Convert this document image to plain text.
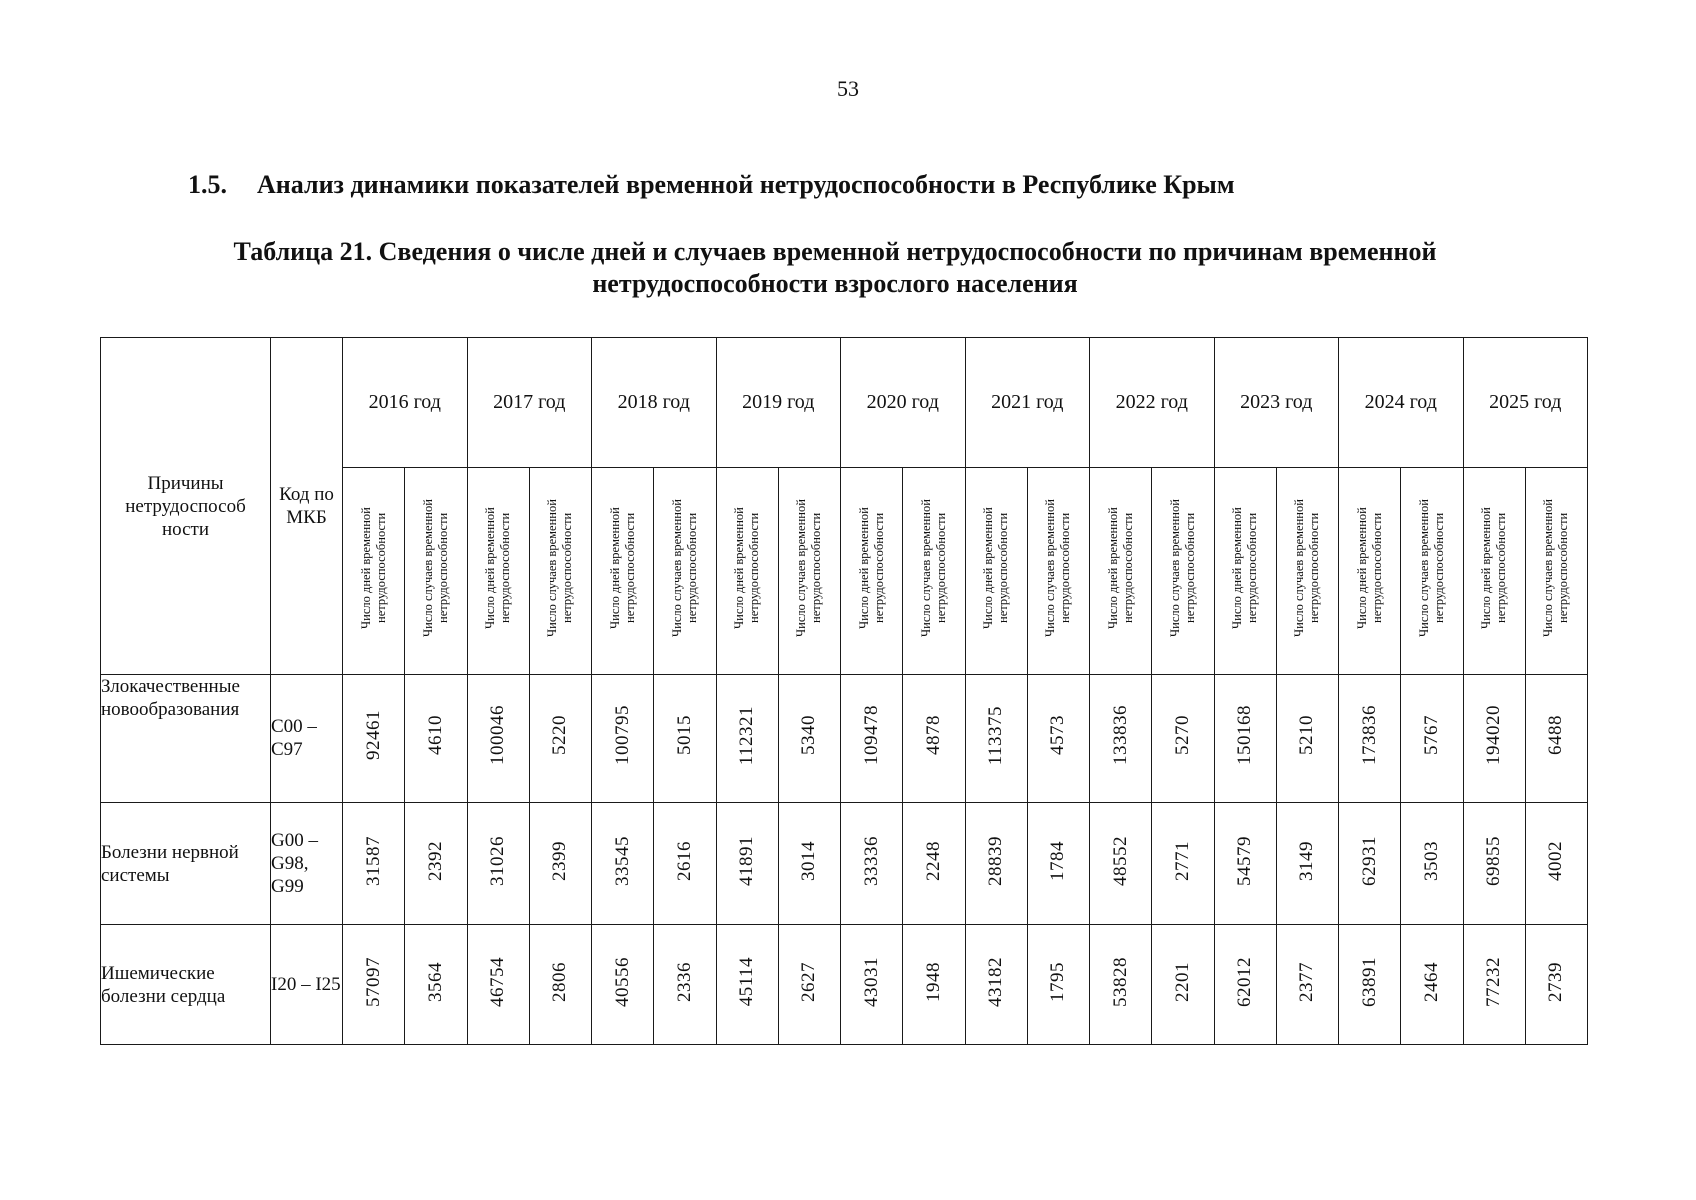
53
1.5. Анализ динамики показателей временной нетрудоспособности в Республике Крым
Таблица 21. Сведения о числе дней и случаев временной нетрудоспособности по причинам временной
нетрудоспособности взрослого населения
Причины нетрудоспособ ности	Код по МКБ	2016 год		2017 год		2018 год		2019 год		2020 год		2021 год		2022 год		2023 год		2024 год		2025 год	
		Число дней временной нетрудоспособности	Число случаев временной нетрудоспособности	Число дней временной нетрудоспособности	Число случаев временной нетрудоспособности	Число дней временной нетрудоспособности	Число случаев временной нетрудоспособности	Число дней временной нетрудоспособности	Число случаев временной нетрудоспособности	Число дней временной нетрудоспособности	Число случаев временной нетрудоспособности	Число дней временной нетрудоспособности	Число случаев временной нетрудоспособности	Число дней временной нетрудоспособности	Число случаев временной нетрудоспособности	Число дней временной нетрудоспособности	Число случаев временной нетрудоспособности	Число дней временной нетрудоспособности	Число случаев временной нетрудоспособности	Число дней временной нетрудоспособности	Число случаев временной нетрудоспособности
Злокачественные новообразования	С00 – С97	92461	4610	100046	5220	100795	5015	112321	5340	109478	4878	113375	4573	133836	5270	150168	5210	173836	5767	194020	6488
Болезни нервной системы	G00 – G98, G99	31587	2392	31026	2399	33545	2616	41891	3014	33336	2248	28839	1784	48552	2771	54579	3149	62931	3503	69855	4002
Ишемические болезни сердца	I20 – I25	57097	3564	46754	2806	40556	2336	45114	2627	43031	1948	43182	1795	53828	2201	62012	2377	63891	2464	77232	2739
